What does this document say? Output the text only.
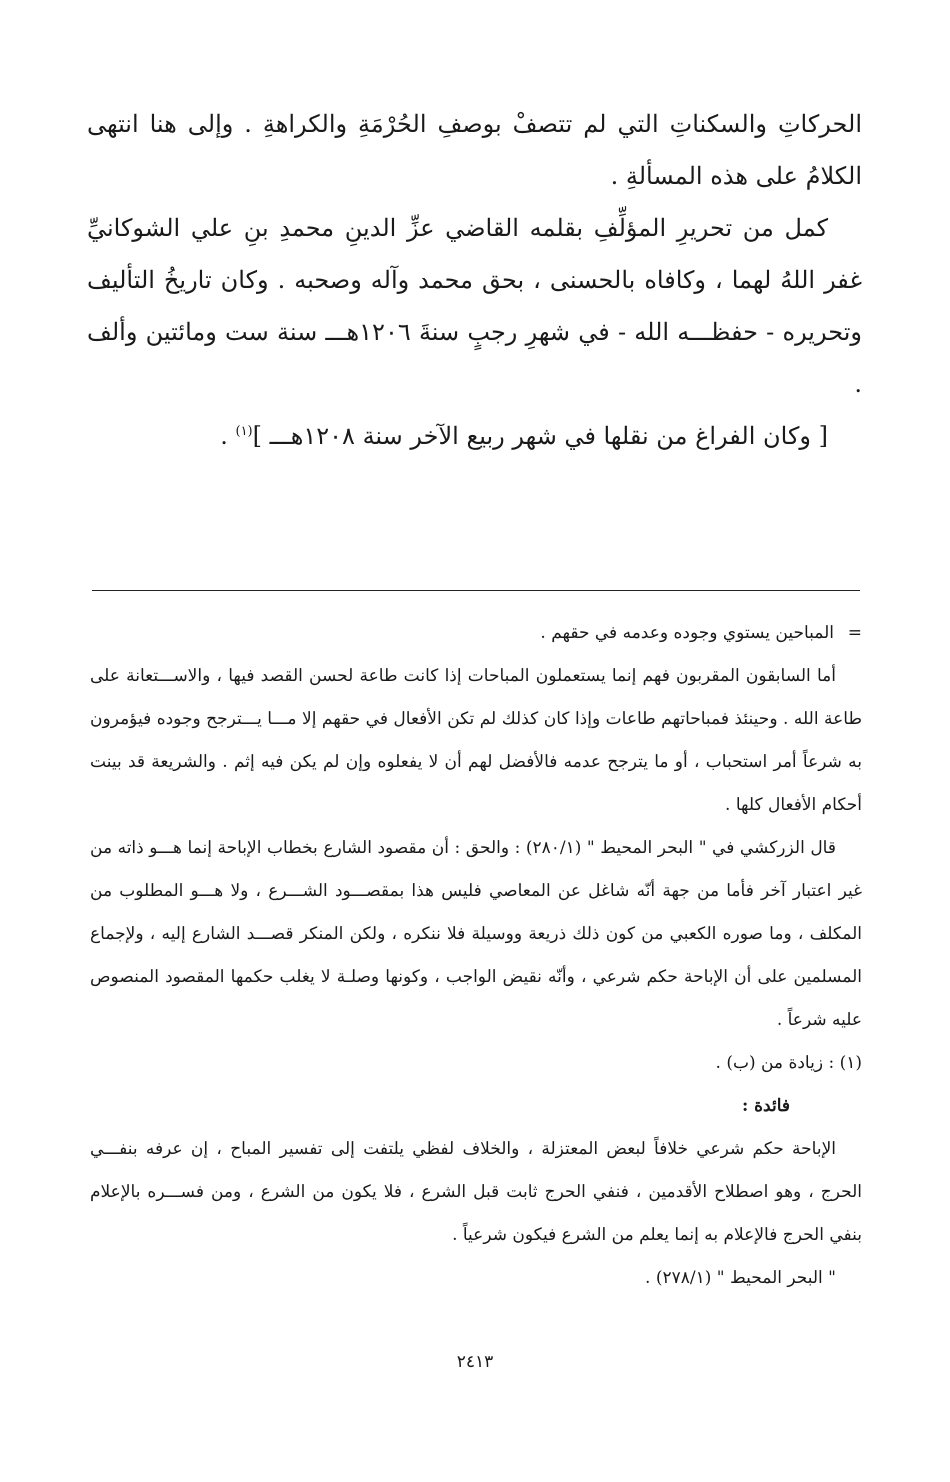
الحركاتِ والسكناتِ التي لم تتصفْ بوصفِ الحُرْمَةِ والكراهةِ . وإلى هنا انتهى الكلامُ على هذه المسألةِ .

كمل من تحريرِ المؤلِّفِ بقلمه القاضي عزِّ الدينِ محمدِ بنِ علي الشوكانيِّ غفر اللهُ لهما ، وكافاه بالحسنى ، بحق محمد وآله وصحبه . وكان تاريخُ التأليف وتحريره - حفظـــه الله - في شهرِ رجبٍ سنةَ ١٢٠٦هـــ سنة ست ومائتين وألف .

[ وكان الفراغ من نقلها في شهر ربيع الآخر سنة ١٢٠٨هـــ ]$^{(١)}$ .

=المباحين يستوي وجوده وعدمه في حقهم .

أما السابقون المقربون فهم إنما يستعملون المباحات إذا كانت طاعة لحسن القصد فيها ، والاســـتعانة على طاعة الله . وحينئذ فمباحاتهم طاعات وإذا كان كذلك لم تكن الأفعال في حقهم إلا مـــا يـــترجح وجوده فيؤمرون به شرعاً أمر استحباب ، أو ما يترجح عدمه فالأفضل لهم أن لا يفعلوه وإن لم يكن فيه إثم . والشريعة قد بينت أحكام الأفعال كلها .

قال الزركشي في " البحر المحيط " (٢٨٠/١) : والحق : أن مقصود الشارع بخطاب الإباحة إنما هـــو ذاته من غير اعتبار آخر فأما من جهة أنّه شاغل عن المعاصي فليس هذا بمقصـــود الشـــرع ، ولا هـــو المطلوب من المكلف ، وما صوره الكعبي من كون ذلك ذريعة ووسيلة فلا ننكره ، ولكن المنكر قصـــد الشارع إليه ، ولإجماع المسلمين على أن الإباحة حكم شرعي ، وأنّه نقيض الواجب ، وكونها وصلـة لا يغلب حكمها المقصود المنصوص عليه شرعاً .

(١) : زيادة من (ب) .

فائدة :

الإباحة حكم شرعي خلافاً لبعض المعتزلة ، والخلاف لفظي يلتفت إلى تفسير المباح ، إن عرفه بنفـــي الحرج ، وهو اصطلاح الأقدمين ، فنفي الحرج ثابت قبل الشرع ، فلا يكون من الشرع ، ومن فســـره بالإعلام بنفي الحرج فالإعلام به إنما يعلم من الشرع فيكون شرعياً .

" البحر المحيط " (٢٧٨/١) .

٢٤١٣
